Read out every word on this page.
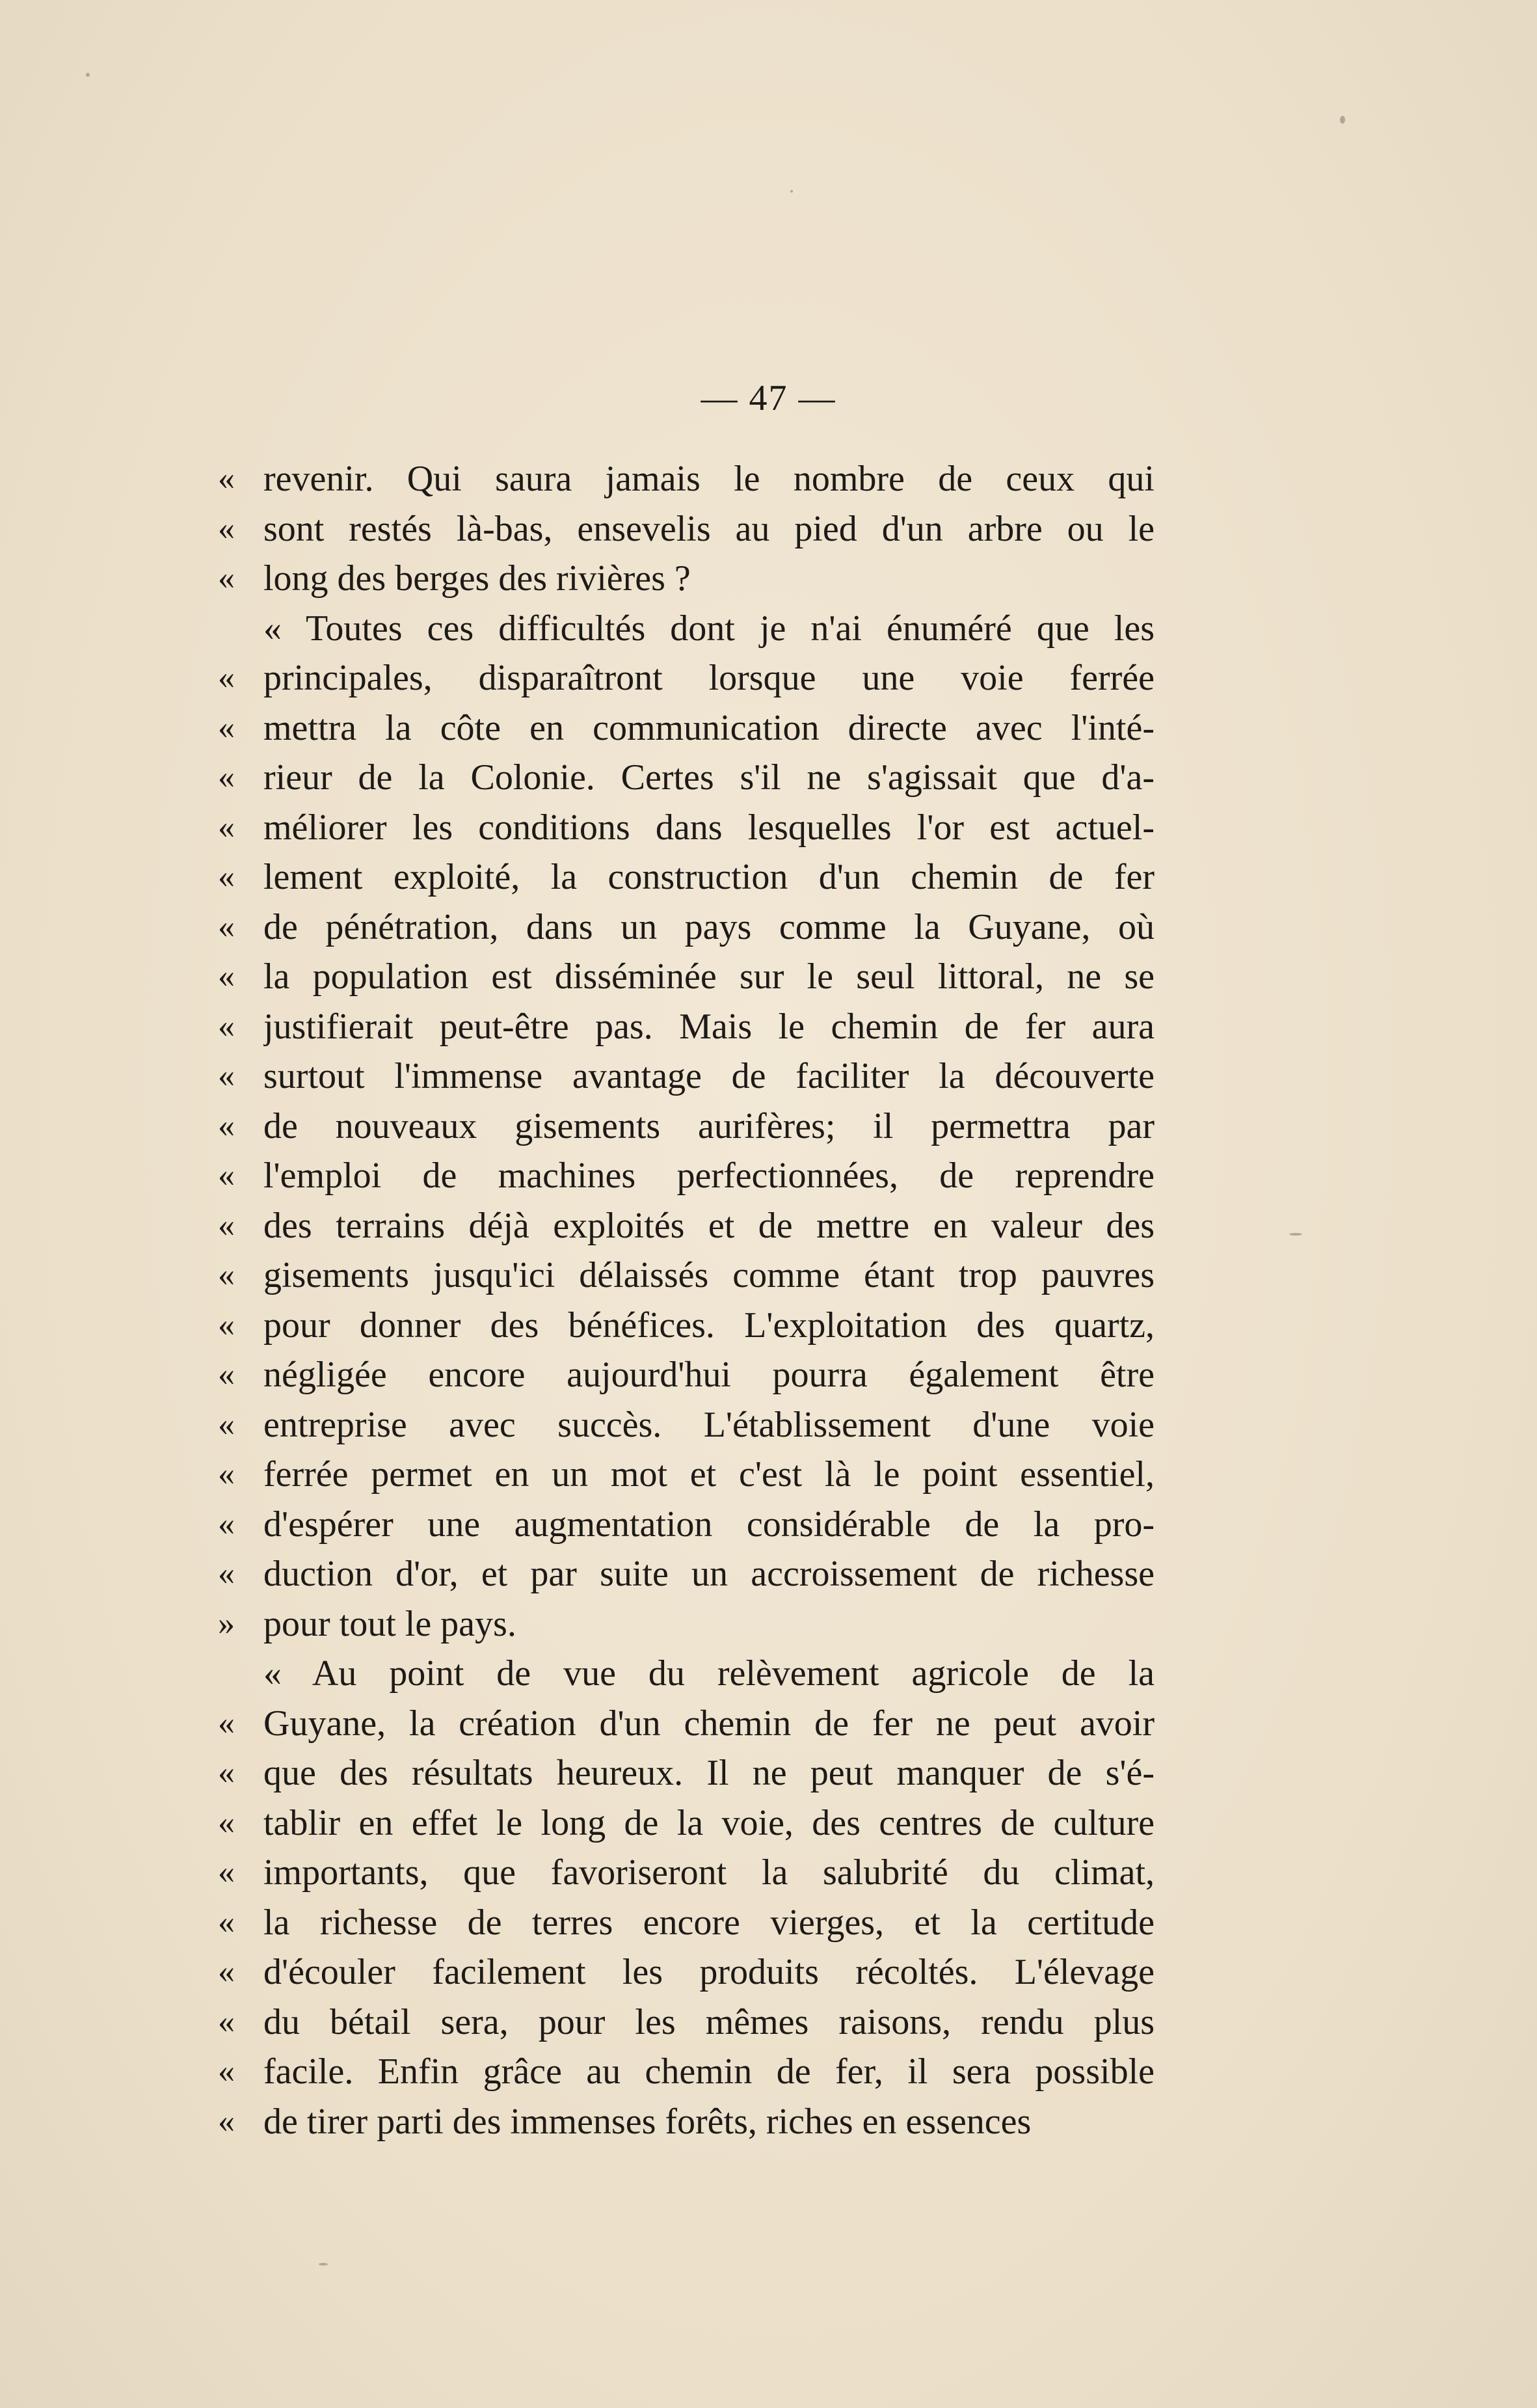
— 47 —
« revenir. Qui saura jamais le nombre de ceux qui
« sont restés là-bas, ensevelis au pied d'un arbre ou le
« long des berges des rivières ?
« Toutes ces difficultés dont je n'ai énuméré que les
« principales, disparaîtront lorsque une voie ferrée
« mettra la côte en communication directe avec l'inté-
« rieur de la Colonie. Certes s'il ne s'agissait que d'a-
« méliorer les conditions dans lesquelles l'or est actuel-
« lement exploité, la construction d'un chemin de fer
« de pénétration, dans un pays comme la Guyane, où
« la population est disséminée sur le seul littoral, ne se
« justifierait peut-être pas. Mais le chemin de fer aura
« surtout l'immense avantage de faciliter la découverte
« de nouveaux gisements aurifères; il permettra par
« l'emploi de machines perfectionnées, de reprendre
« des terrains déjà exploités et de mettre en valeur des
« gisements jusqu'ici délaissés comme étant trop pauvres
« pour donner des bénéfices. L'exploitation des quartz,
« négligée encore aujourd'hui pourra également être
« entreprise avec succès. L'établissement d'une voie
« ferrée permet en un mot et c'est là le point essentiel,
« d'espérer une augmentation considérable de la pro-
« duction d'or, et par suite un accroissement de richesse
» pour tout le pays.
« Au point de vue du relèvement agricole de la
« Guyane, la création d'un chemin de fer ne peut avoir
« que des résultats heureux. Il ne peut manquer de s'é-
« tablir en effet le long de la voie, des centres de culture
« importants, que favoriseront la salubrité du climat,
« la richesse de terres encore vierges, et la certitude
« d'écouler facilement les produits récoltés. L'élevage
« du bétail sera, pour les mêmes raisons, rendu plus
« facile. Enfin grâce au chemin de fer, il sera possible
« de tirer parti des immenses forêts, riches en essences
